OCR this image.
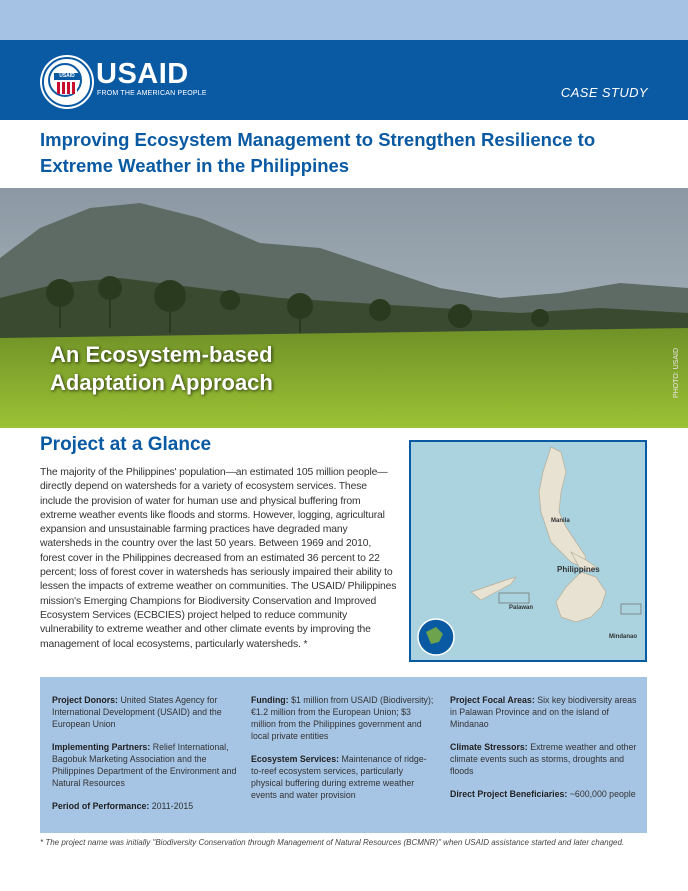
USAID USAID
FROM THE AMERICAN PEOPLE	CASE STUDY
Improving Ecosystem Management to Strengthen Resilience to Extreme Weather in the Philippines
An Ecosystem-based
Adaptation Approach	PHOTO: USAID
Project at a Glance
The majority of the Philippines' population—an estimated 105 million people—directly depend on watersheds for a variety of ecosystem services. These include the provision of water for human use and physical buffering from extreme weather events like floods and storms. However, logging, agricultural expansion and unsustainable farming practices have degraded many watersheds in the country over the last 50 years. Between 1969 and 2010, forest cover in the Philippines decreased from an estimated 36 percent to 22 percent; loss of forest cover in watersheds has seriously impaired their ability to lessen the impacts of extreme weather on communities. The USAID/ Philippines mission's Emerging Champions for Biodiversity Conservation and Improved Ecosystem Services (ECBCIES) project helped to reduce community vulnerability to extreme weather and other climate events by improving the management of local ecosystems, particularly watersheds. *
Manila
Philippines
Palawan
Mindanao

Project Donors: United States Agency for International Development (USAID) and the European Union

Implementing Partners: Relief International, Bagobuk Marketing Association and the Philippines Department of the Environment and Natural Resources

Period of Performance: 2011-2015

Funding: $1 million from USAID (Biodiversity); €1.2 million from the European Union; $3 million from the Philippines government and local private entities

Ecosystem Services: Maintenance of ridge-to-reef ecosystem services, particularly physical buffering during extreme weather events and water provision

Project Focal Areas: Six key biodiversity areas in Palawan Province and on the island of Mindanao

Climate Stressors: Extreme weather and other climate events such as storms, droughts and floods

Direct Project Beneficiaries: ~600,000 people

* The project name was initially "Biodiversity Conservation through Management of Natural Resources (BCMNR)" when USAID assistance started and later changed.
